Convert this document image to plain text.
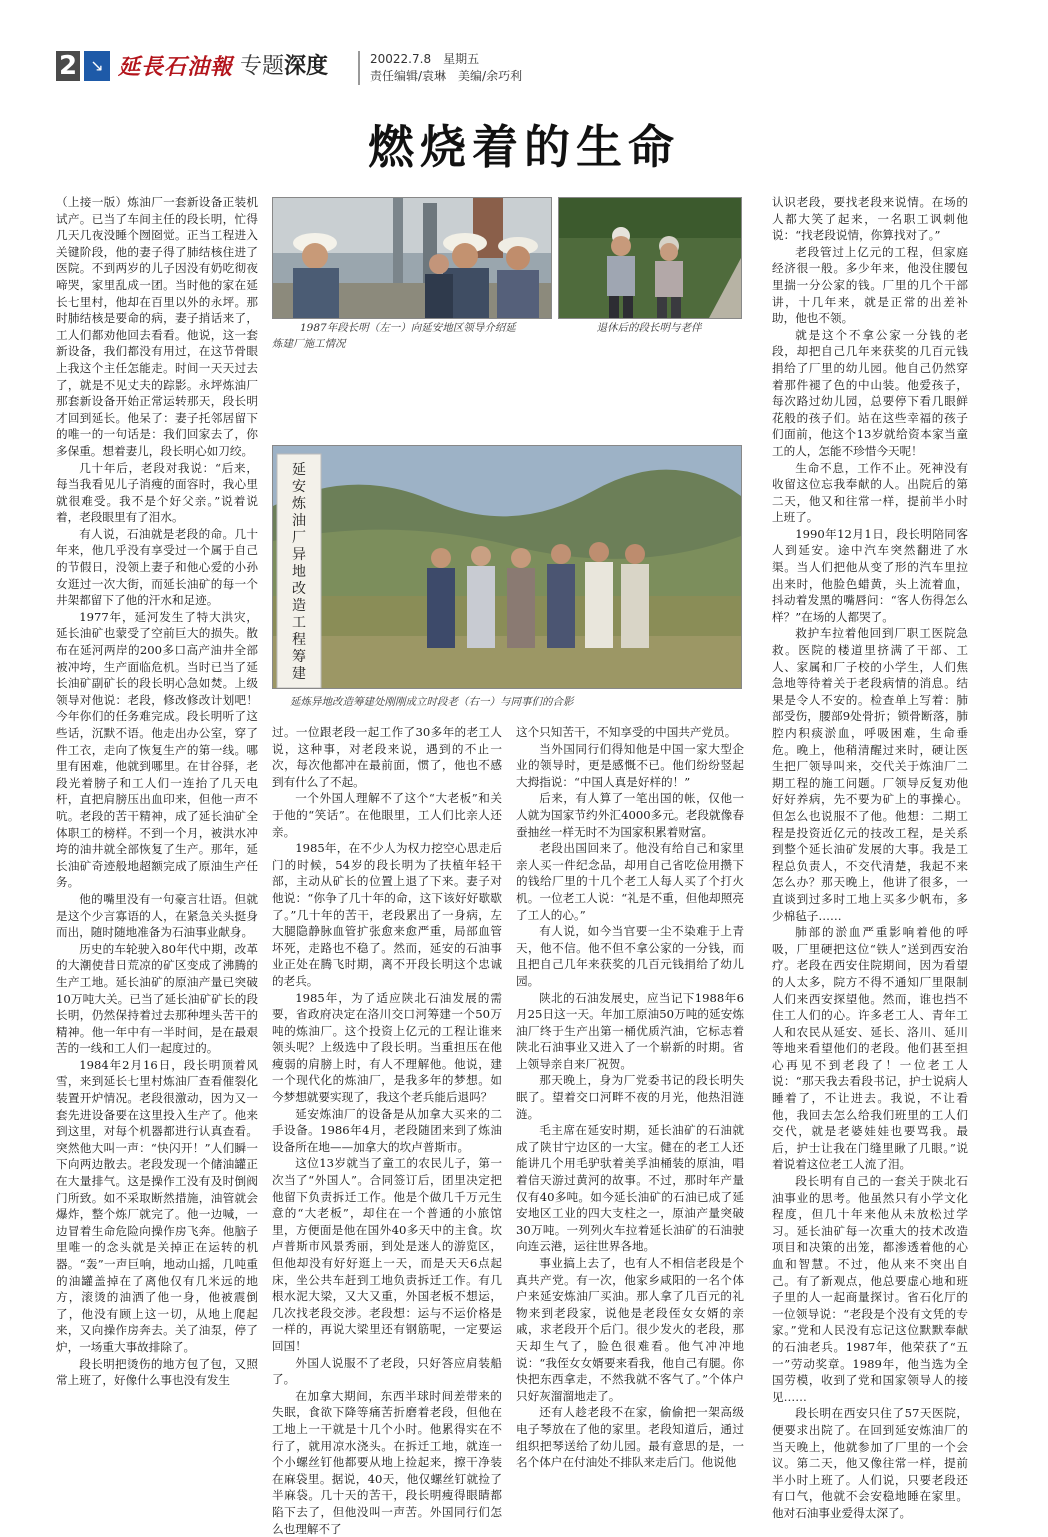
2 ↘ 延長石油報 专题深度	20022.7.8　星期五
责任编辑/袁琳　美编/余巧利
燃烧着的生命

（上接一版）炼油厂一套新设备正装机试产。已当了车间主任的段长明，忙得几天几夜没睡个囫囵觉。正当工程进入关键阶段，他的妻子得了肺结核住进了医院。不到两岁的儿子因没有奶吃彻夜啼哭，家里乱成一团。当时他的家在延长七里村，他却在百里以外的永坪。那时肺结核是要命的病，妻子捎话来了，工人们都劝他回去看看。他说，这一套新设备，我们都没有用过，在这节骨眼上我这个主任怎能走。时间一天天过去了，就是不见丈夫的踪影。永坪炼油厂那套新设备开始正常运转那天，段长明才回到延长。他呆了：妻子托邻居留下的唯一的一句话是：我们回家去了，你多保重。想着妻儿，段长明心如刀绞。

几十年后，老段对我说：“后来，每当我看见儿子消瘦的面容时，我心里就很难受。我不是个好父亲。”说着说着，老段眼里有了泪水。

有人说，石油就是老段的命。几十年来，他几乎没有享受过一个属于自己的节假日，没领上妻子和他心爱的小孙女逛过一次大街，而延长油矿的每一个井架都留下了他的汗水和足迹。

1977年，延河发生了特大洪灾，延长油矿也蒙受了空前巨大的损失。散布在延河两岸的200多口高产油井全部被冲垮，生产面临危机。当时已当了延长油矿副矿长的段长明心急如焚。上级领导对他说：老段，修改修改计划吧！今年你们的任务难完成。段长明听了这些话，沉默不语。他走出办公室，穿了件工衣，走向了恢复生产的第一线。哪里有困难，他就到哪里。在甘谷驿，老段光着膀子和工人们一连抬了几天电杆，直把肩膀压出血印来，但他一声不吭。老段的苦干精神，成了延长油矿全体职工的榜样。不到一个月，被洪水冲垮的油井就全部恢复了生产。那年，延长油矿奇迹般地超额完成了原油生产任务。

他的嘴里没有一句豪言壮语。但就是这个少言寡语的人，在紧急关头挺身而出，随时随地准备为石油事业献身。

历史的车轮驶入80年代中期，改革的大潮使昔日荒凉的矿区变成了沸腾的生产工地。延长油矿的原油产量已突破10万吨大关。已当了延长油矿矿长的段长明，仍然保持着过去那种埋头苦干的精神。他一年中有一半时间，是在最艰苦的一线和工人们一起度过的。

1984年2月16日，段长明顶着风雪，来到延长七里村炼油厂查看催裂化装置开炉情况。老段很激动，因为又一套先进设备要在这里投入生产了。他来到这里，对每个机器都进行认真查看。突然他大叫一声：“快闪开！”人们瞬一下向两边散去。老段发现一个储油罐正在大量排气。这是操作工没有及时倒阀门所致。如不采取断然措施，油管就会爆炸，整个炼厂就完了。他一边喊，一边冒着生命危险向操作房飞奔。他脑子里唯一的念头就是关掉正在运转的机器。“轰”一声巨响，地动山摇，几吨重的油罐盖掉在了离他仅有几米远的地方，滚烫的油洒了他一身，他被震倒了，他没有顾上这一切，从地上爬起来，又向操作房奔去。关了油泵，停了炉，一场重大事故排除了。

段长明把烫伤的地方包了包，又照常上班了，好像什么事也没有发生

1987年段长明（左一）向延安地区领导介绍延
炼建厂施工情况
退休后的段长明与老伴
延
安
炼
油
厂
异
地
改
造
工
程
筹
建
延炼异地改造筹建处刚刚成立时段老（右一）与同事们的合影

过。一位跟老段一起工作了30多年的老工人说，这种事，对老段来说，遇到的不止一次，每次他都冲在最前面，惯了，他也不感到有什么了不起。

一个外国人理解不了这个“大老板”和关于他的“笑话”。在他眼里，工人们比亲人还亲。

1985年，在不少人为权力挖空心思走后门的时候，54岁的段长明为了扶植年轻干部，主动从矿长的位置上退了下来。妻子对他说：“你争了几十年的命，这下该好好歇歇了。”几十年的苦干，老段累出了一身病，左大腿隐静脉血管扩张愈来愈严重，局部血管坏死，走路也不稳了。然而，延安的石油事业正处在腾飞时期，离不开段长明这个忠诚的老兵。

1985年，为了适应陕北石油发展的需要，省政府决定在洛川交口河筹建一个50万吨的炼油厂。这个投资上亿元的工程让谁来领头呢？上级选中了段长明。当重担压在他瘦弱的肩膀上时，有人不理解他。他说，建一个现代化的炼油厂，是我多年的梦想。如今梦想就要实现了，我这个老兵能后退吗？

延安炼油厂的设备是从加拿大买来的二手设备。1986年4月，老段随团来到了炼油设备所在地——加拿大的坎卢普斯市。

这位13岁就当了童工的农民儿子，第一次当了“外国人”。合同签订后，团里决定把他留下负责拆迁工作。他是个做几千万元生意的“大老板”，却住在一个普通的小旅馆里，方便面是他在国外40多天中的主食。坎卢普斯市风景秀丽，到处是迷人的游览区，但他却没有好好逛上一天，而是天天6点起床，坐公共车赶到工地负责拆迁工作。有几根水泥大梁，又大又重，外国老板不想运，几次找老段交涉。老段想：运与不运价格是一样的，再说大梁里还有钢筋呢，一定要运回国！

外国人说服不了老段，只好答应肩装船了。

在加拿大期间，东西半球时间差带来的失眠，食欲下降等痛苦折磨着老段，但他在工地上一干就是十几个小时。他累得实在不行了，就用凉水浇头。在拆迁工地，就连一个小螺丝钉他都要从地上捡起来，擦干净装在麻袋里。据说，40天，他仅螺丝钉就捡了半麻袋。几十天的苦干，段长明瘦得眼睛都陷下去了，但他没叫一声苦。外国同行们怎么也理解不了

这个只知苦干，不知享受的中国共产党员。

当外国同行们得知他是中国一家大型企业的领导时，更是感慨不已。他们纷纷竖起大拇指说：“中国人真是好样的！”

后来，有人算了一笔出国的帐，仅他一人就为国家节约外汇4000多元。老段就像春蚕抽丝一样无时不为国家积累着财富。

老段出国回来了。他没有给自己和家里亲人买一件纪念品，却用自己省吃俭用攒下的钱给厂里的十几个老工人每人买了个打火机。一位老工人说：“礼是不重，但他却照亮了工人的心。”

有人说，如今当官要一尘不染难于上青天，他不信。他不但不拿公家的一分钱，而且把自己几年来获奖的几百元钱捐给了幼儿园。

陕北的石油发展史，应当记下1988年6月25日这一天。年加工原油50万吨的延安炼油厂终于生产出第一桶优质汽油，它标志着陕北石油事业又进入了一个崭新的时期。省上领导亲自来厂祝贺。

那天晚上，身为厂党委书记的段长明失眠了。望着交口河畔不夜的月光，他热泪涟涟。

毛主席在延安时期，延长油矿的石油就成了陕甘宁边区的一大宝。健在的老工人还能讲几个用毛驴驮着美孚油桶装的原油，唱着信天游过黄河的故事。不过，那时年产量仅有40多吨。如今延长油矿的石油已成了延安地区工业的四大支柱之一，原油产量突破30万吨。一列列火车拉着延长油矿的石油驶向连云港，运往世界各地。

事业搞上去了，也有人不相信老段是个真共产党。有一次，他家乡咸阳的一名个体户来延安炼油厂买油。那人拿了几百元的礼物来到老段家，说他是老段侄女女婿的亲戚，求老段开个后门。很少发火的老段，那天却生气了，脸色很难看。他气冲冲地说：“我侄女女婿要来看我，他自己有腿。你快把东西拿走，不然我就不客气了。”个体户只好灰溜溜地走了。

还有人趁老段不在家，偷偷把一架高级电子琴放在了他的家里。老段知道后，通过组织把琴送给了幼儿园。最有意思的是，一名个体户在付油处不排队来走后门。他说他

认识老段，要找老段来说情。在场的人都大笑了起来，一名职工讽刺他说：“找老段说情，你算找对了。”

老段管过上亿元的工程，但家庭经济很一般。多少年来，他没住腰包里揣一分公家的钱。厂里的几个干部讲，十几年来，就是正常的出差补助，他也不领。

就是这个不拿公家一分钱的老段，却把自己几年来获奖的几百元钱捐给了厂里的幼儿园。他自己仍然穿着那件褪了色的中山装。他爱孩子，每次路过幼儿园，总要停下看几眼鲜花般的孩子们。站在这些幸福的孩子们面前，他这个13岁就给资本家当童工的人，怎能不珍惜今天呢！

生命不息，工作不止。死神没有收留这位忘我奉献的人。出院后的第二天，他又和往常一样，提前半小时上班了。

1990年12月1日，段长明陪同客人到延安。途中汽车突然翻进了水渠。当人们把他从变了形的汽车里拉出来时，他脸色蜡黄，头上流着血，抖动着发黑的嘴唇问：“客人伤得怎么样？”在场的人都哭了。

救护车拉着他回到厂职工医院急救。医院的楼道里挤满了干部、工人、家属和厂子校的小学生，人们焦急地等待着关于老段病情的消息。结果是令人不安的。检查单上写着：肺部受伤，腰部9处骨折；锁骨断落，肺腔内积痰淤血，呼吸困难，生命垂危。晚上，他稍清醒过来时，硬让医生把厂领导叫来，交代关于炼油厂二期工程的施工问题。厂领导反复劝他好好养病，先不要为矿上的事操心。但怎么也说服不了他。他想：二期工程是投资近亿元的技改工程，是关系到整个延长油矿发展的大事。我是工程总负责人，不交代清楚，我起不来怎么办？那天晚上，他讲了很多，一直谈到过多时工地上买多少帆布，多少棉毡子……

肺部的淤血严重影响着他的呼吸，厂里硬把这位“铁人”送到西安治疗。老段在西安住院期间，因为看望的人太多，院方不得不通知厂里限制人们来西安探望他。然而，谁也挡不住工人们的心。许多老工人、青年工人和农民从延安、延长、洛川、延川等地来看望他们的老段。他们甚至担心再见不到老段了！一位老工人说：“那天我去看段书记，护士说病人睡着了，不让进去。我说，不让看他，我回去怎么给我们班里的工人们交代，就是老婆娃娃也要骂我。最后，护士让我在门缝里瞅了几眼。”说着说着这位老工人流了泪。

段长明有自己的一套关于陕北石油事业的思考。他虽然只有小学文化程度，但几十年来他从未放松过学习。延长油矿每一次重大的技术改造项目和决策的出笼，都渗透着他的心血和智慧。不过，他从来不突出自己。有了新观点，他总要虚心地和班子里的人一起商量探讨。省石化厅的一位领导说：“老段是个没有文凭的专家。”党和人民没有忘记这位默默奉献的石油老兵。1987年，他荣获了“五一”劳动奖章。1989年，他当选为全国劳模，收到了党和国家领导人的接见……

段长明在西安只住了57天医院，便要求出院了。在回到延安炼油厂的当天晚上，他就参加了厂里的一个会议。第二天，他又像往常一样，提前半小时上班了。人们说，只要老段还有口气，他就不会安稳地睡在家里。他对石油事业爱得太深了。
